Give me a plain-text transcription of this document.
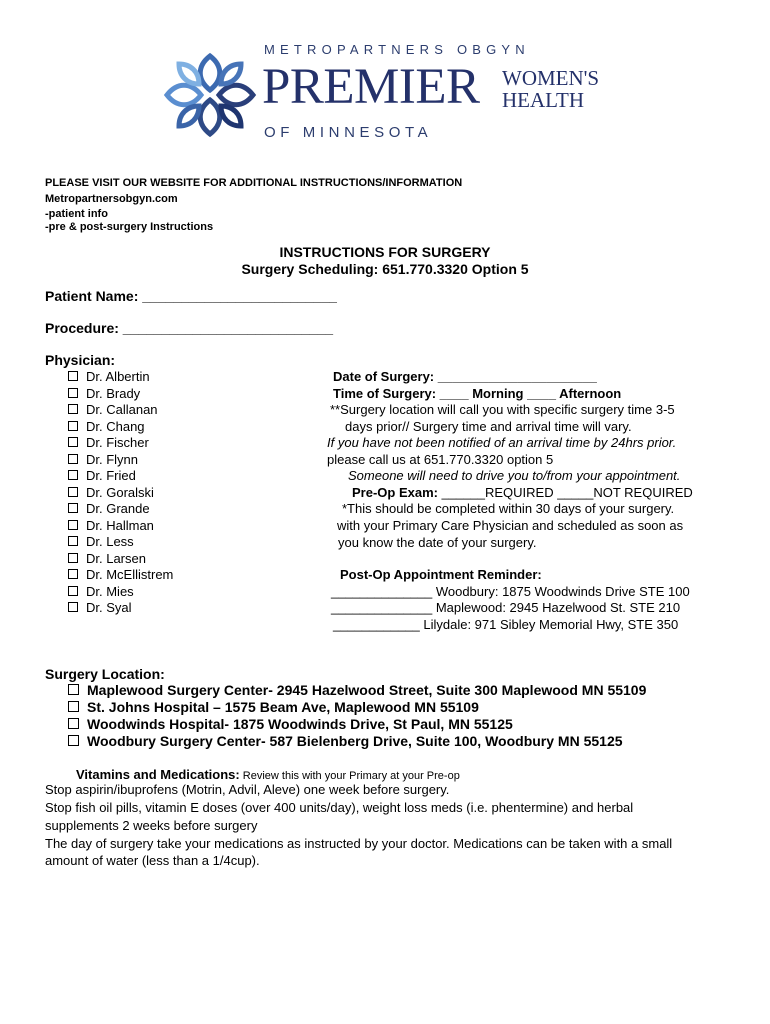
METROPARTNERS OBGYN
PREMIER WOMEN'S
HEALTH
OF MINNESOTA
PLEASE VISIT OUR WEBSITE FOR ADDITIONAL INSTRUCTIONS/INFORMATION
Metropartnersobgyn.com
-patient info
-pre & post-surgery Instructions
INSTRUCTIONS FOR SURGERY
Surgery Scheduling: 651.770.3320 Option 5
Patient Name: _________________________
Procedure: ___________________________
Physician:
Dr. Albertin
Dr. Brady
Dr. Callanan
Dr. Chang
Dr. Fischer
Dr. Flynn
Dr. Fried
Dr. Goralski
Dr. Grande
Dr. Hallman
Dr. Less
Dr. Larsen
Dr. McEllistrem
Dr. Mies
Dr. Syal
Date of Surgery: ______________________
Time of Surgery: ____ Morning ____ Afternoon
**Surgery location will call you with specific surgery time 3-5
days prior// Surgery time and arrival time will vary.
If you have not been notified of an arrival time by 24hrs prior.
please call us at 651.770.3320 option 5
Someone will need to drive you to/from your appointment.
Pre-Op Exam: ______REQUIRED _____NOT REQUIRED
*This should be completed within 30 days of your surgery.
with your Primary Care Physician and scheduled as soon as
you know the date of your surgery.
Post-Op Appointment Reminder:
______________ Woodbury: 1875 Woodwinds Drive STE 100
______________ Maplewood: 2945 Hazelwood St. STE 210
____________ Lilydale: 971 Sibley Memorial Hwy, STE 350
Surgery Location:
Maplewood Surgery Center- 2945 Hazelwood Street, Suite 300 Maplewood MN 55109
St. Johns Hospital – 1575 Beam Ave, Maplewood MN 55109
Woodwinds Hospital- 1875 Woodwinds Drive, St Paul, MN 55125
Woodbury Surgery Center- 587 Bielenberg Drive, Suite 100, Woodbury MN 55125
Vitamins and Medications: Review this with your Primary at your Pre-op
Stop aspirin/ibuprofens (Motrin, Advil, Aleve) one week before surgery.
Stop fish oil pills, vitamin E doses (over 400 units/day), weight loss meds (i.e. phentermine) and herbal
supplements 2 weeks before surgery
The day of surgery take your medications as instructed by your doctor. Medications can be taken with a small
amount of water (less than a 1/4cup).
